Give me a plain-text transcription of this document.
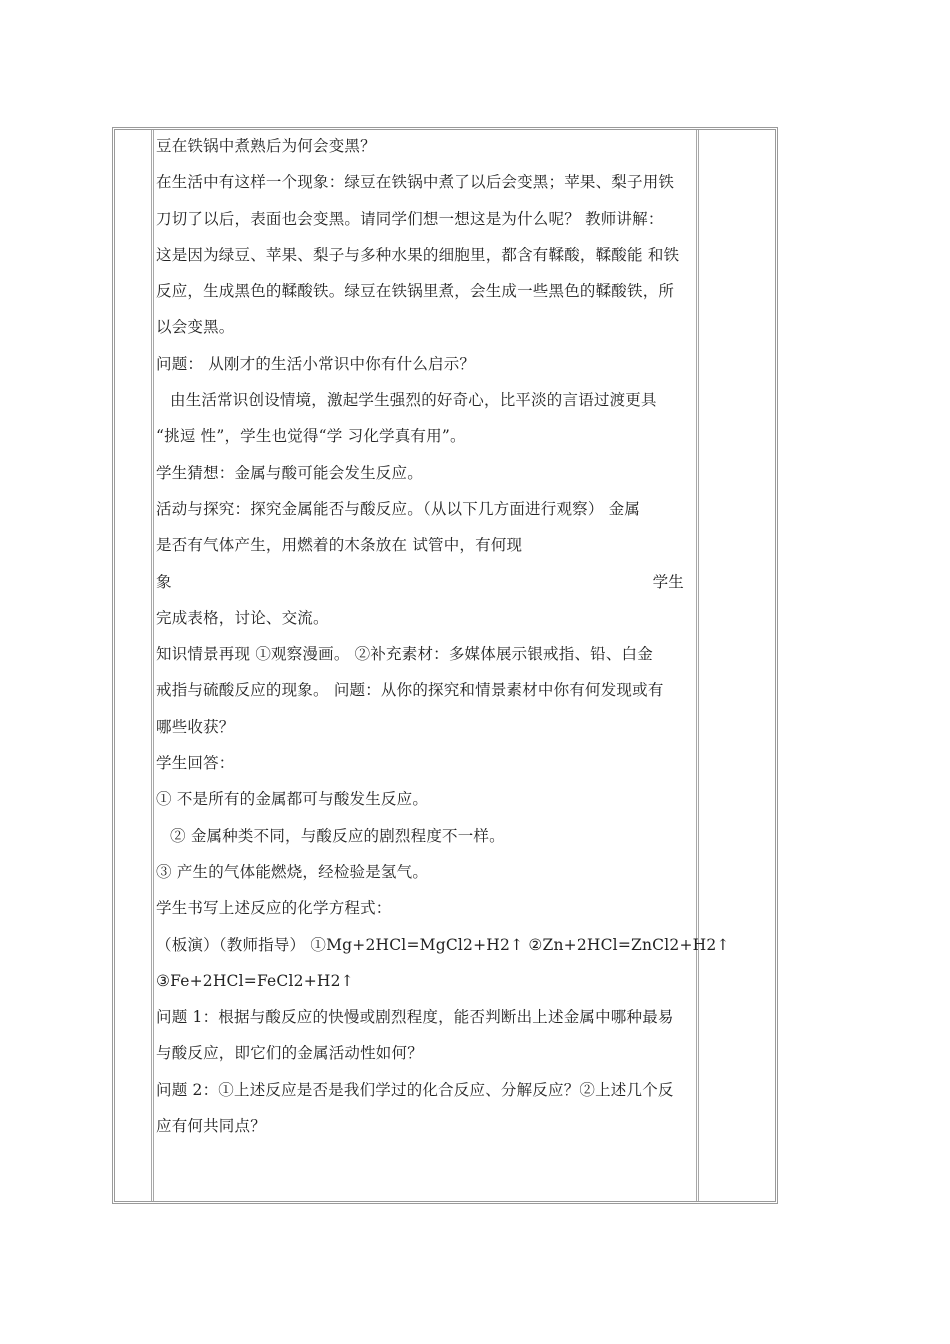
豆在铁锅中煮熟后为何会变黑？
在生活中有这样一个现象：绿豆在铁锅中煮了以后会变黑；苹果、梨子用铁
刀切了以后，表面也会变黑。请同学们想一想这是为什么呢？ 教师讲解：
这是因为绿豆、苹果、梨子与多种水果的细胞里，都含有鞣酸，鞣酸能 和铁
反应，生成黑色的鞣酸铁。绿豆在铁锅里煮，会生成一些黑色的鞣酸铁，所
以会变黑。
问题： 从刚才的生活小常识中你有什么启示？
由生活常识创设情境，激起学生强烈的好奇心，比平淡的言语过渡更具
“挑逗 性”，学生也觉得“学 习化学真有用”。
学生猜想：金属与酸可能会发生反应。
活动与探究：探究金属能否与酸反应。（从以下几方面进行观察） 金属
是否有气体产生，用燃着的木条放在 试管中，有何现
象	学生
完成表格，讨论、交流。
知识情景再现 ①观察漫画。 ②补充素材：多媒体展示银戒指、铅、白金
戒指与硫酸反应的现象。 问题：从你的探究和情景素材中你有何发现或有
哪些收获？
学生回答：
① 不是所有的金属都可与酸发生反应。
② 金属种类不同，与酸反应的剧烈程度不一样。
③ 产生的气体能燃烧，经检验是氢气。
学生书写上述反应的化学方程式：
（板演）（教师指导） ①Mg+2HCl=MgCl2+H2↑ ②Zn+2HCl=ZnCl2+H2↑
③Fe+2HCl=FeCl2+H2↑
问题 1：根据与酸反应的快慢或剧烈程度，能否判断出上述金属中哪种最易
与酸反应，即它们的金属活动性如何？
问题 2：①上述反应是否是我们学过的化合反应、分解反应？②上述几个反
应有何共同点？
